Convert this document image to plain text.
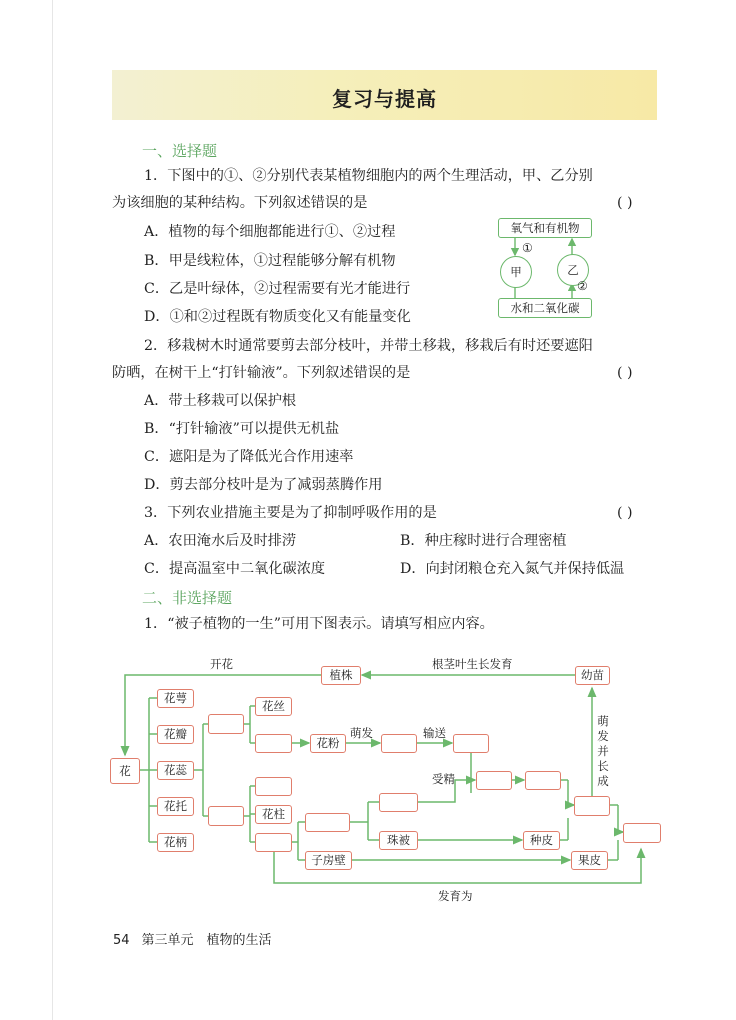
复习与提高
一、选择题
1．下图中的①、②分别代表某植物细胞内的两个生理活动，甲、乙分别
为该细胞的某种结构。下列叙述错误的是	( )
A．植物的每个细胞都能进行①、②过程
B．甲是线粒体，①过程能够分解有机物
C．乙是叶绿体，②过程需要有光才能进行
D．①和②过程既有物质变化又有能量变化
氧气和有机物
水和二氧化碳
甲	乙
①
②
2．移栽树木时通常要剪去部分枝叶，并带土移栽，移栽后有时还要遮阳
防晒，在树干上“打针输液”。下列叙述错误的是	( )
A．带土移栽可以保护根
B．“打针输液”可以提供无机盐
C．遮阳是为了降低光合作用速率
D．剪去部分枝叶是为了减弱蒸腾作用
3．下列农业措施主要是为了抑制呼吸作用的是	( )
A．农田淹水后及时排涝	B．种庄稼时进行合理密植
C．提高温室中二氧化碳浓度	D．向封闭粮仓充入氮气并保持低温
二、非选择题
1．“被子植物的一生”可用下图表示。请填写相应内容。
开花	根茎叶生长发育
萌发	输送
受精
发育为
萌发并长成
花
花萼
花瓣
花蕊
花托
花柄
花丝
花粉
花柱
子房壁
珠被	种皮
果皮
植株	幼苗
54 第三单元　植物的生活
